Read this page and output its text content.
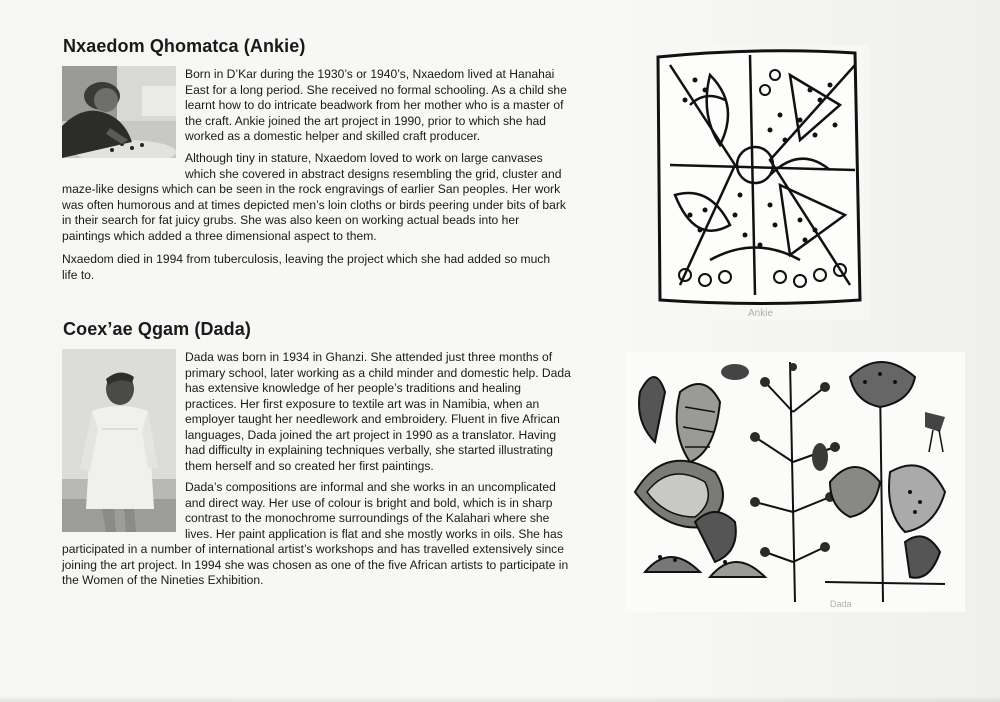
Nxaedom Qhomatca (Ankie)

Born in D’Kar during the 1930’s or 1940’s, Nxaedom lived at Hanahai
East for a long period. She received no formal schooling. As a child she
learnt how to do intricate beadwork from her mother who is a master of
the craft. Ankie joined the art project in 1990, prior to which she had
worked as a domestic helper and skilled craft producer.

Although tiny in stature, Nxaedom loved to work on large canvases
which she covered in abstract designs resembling the grid, cluster and
maze-like designs which can be seen in the rock engravings of earlier San peoples. Her work
was often humorous and at times depicted men’s loin cloths or birds peering under bits of bark
in their search for fat juicy grubs. She was also keen on working actual beads into her
paintings which added a three dimensional aspect to them.

Nxaedom died in 1994 from tuberculosis, leaving the project which she had added so much
life to.

Ankie
Coex’ae Qgam (Dada)

Dada was born in 1934 in Ghanzi. She attended just three months of
primary school, later working as a child minder and domestic help. Dada
has extensive knowledge of her people’s traditions and healing
practices. Her first exposure to textile art was in Namibia, when an
employer taught her needlework and embroidery. Fluent in five African
languages, Dada joined the art project in 1990 as a translator. Having
had difficulty in explaining techniques verbally, she started illustrating
them herself and so created her first paintings.

Dada’s compositions are informal and she works in an uncomplicated
and direct way. Her use of colour is bright and bold, which is in sharp
contrast to the monochrome surroundings of the Kalahari where she
lives. Her paint application is flat and she mostly works in oils. She has
participated in a number of international artist’s workshops and has travelled extensively since
joining the art project. In 1994 she was chosen as one of the five African artists to participate in
the Women of the Nineties Exhibition.

Dada
